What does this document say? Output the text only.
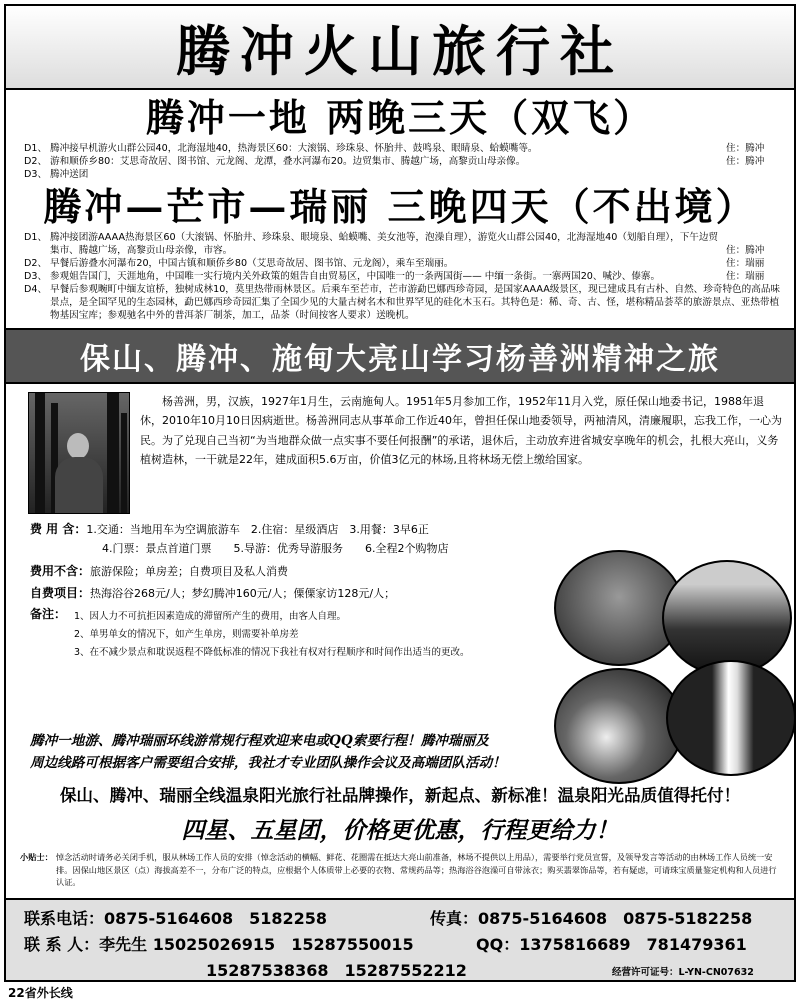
腾冲火山旅行社
腾冲一地 两晚三天（双飞）
D1、 腾冲接早机游火山群公园40，北海湿地40，热海景区60：大滚锅、珍珠泉、怀胎井、鼓鸣泉、眼睛泉、蛤蟆嘴等。	住：腾冲
D2、 游和顺侨乡80：艾思奇故居、图书馆、元龙阁、龙潭，叠水河瀑布20。边贸集市、腾越广场，高黎贡山母亲像。	住：腾冲
D3、 腾冲送团
腾冲—芒市—瑞丽 三晚四天（不出境）
D1、 腾冲接团游AAAA热海景区60（大滚锅、怀胎井、珍珠泉、眼境泉、蛤蟆嘴、美女池等，泡澡自理），游览火山群公园40，北海湿地40（划船自理），下午边贸集市、腾越广场，高黎贡山母亲像，市容。	住：腾冲
D2、 早餐后游叠水河瀑布20，中国古镇和顺侨乡80（艾思奇故居、图书馆、元龙阁），乘车至瑞丽。	住：瑞丽
D3、 参观姐告国门，天涯地角，中国唯一实行境内关外政策的姐告自由贸易区，中国唯一的一条两国街—— 中缅一条街。一寨两国20、喊沙、傣寨。	住：瑞丽
D4、 早餐后参观畹町中缅友谊桥，独树成林10，莫里热带雨林景区。后乘车至芒市，芒市游勐巴娜西珍奇园，是国家AAAA级景区，现已建成具有古朴、自然、珍奇特色的高品味景点，是全国罕见的生态园林，勐巴娜西珍奇园汇集了全国少见的大量古树名木和世界罕见的硅化木玉石。其特色是：稀、奇、古、怪，堪称精品荟萃的旅游景点、亚热带植物基因宝库；参观驰名中外的普洱茶厂制茶，加工，品茶（时间按客人要求）送晚机。
保山、腾冲、施甸大亮山学习杨善洲精神之旅
杨善洲，男，汉族，1927年1月生，云南施甸人。1951年5月参加工作，1952年11月入党，原任保山地委书记，1988年退休，2010年10月10日因病逝世。杨善洲同志从事革命工作近40年，曾担任保山地委领导，两袖清风，清廉履职，忘我工作，一心为民。为了兑现自己当初“为当地群众做一点实事不要任何报酬”的承诺，退休后，主动放弃进省城安享晚年的机会，扎根大亮山，义务植树造林，一干就是22年，建成面积5.6万亩，价值3亿元的林场,且将林场无偿上缴给国家。
费 用 含：1.交通：当地用车为空调旅游车　2.住宿：星级酒店　3.用餐：3早6正
4.门票：景点首道门票　　5.导游：优秀导游服务　　6.全程2个购物店
费用不含：旅游保险；单房差；自费项目及私人消费
自费项目：热海浴谷268元/人；梦幻腾冲160元/人；傈傈家访128元/人；
备注： 1、因人力不可抗拒因素造成的滞留所产生的费用，由客人自理。
2、单男单女的情况下，如产生单房，则需要补单房差
3、在不减少景点和耽误返程不降低标准的情况下我社有权对行程顺序和时间作出适当的更改。
腾冲一地游、腾冲瑞丽环线游常规行程欢迎来电或QQ索要行程！腾冲瑞丽及
周边线路可根据客户需要组合安排，我社才专业团队操作会议及高端团队活动！
保山、腾冲、瑞丽全线温泉阳光旅行社品牌操作，新起点、新标准！温泉阳光品质值得托付！
四星、五星团，价格更优惠，行程更给力！
小贴士： 悼念活动时请务必关闭手机，服从林场工作人员的安排（悼念活动的横幅、鲜花、花圈需在抵达大亮山前准备，林场不提供以上用品），需要举行党员宣誓，及领导发言等活动的由林场工作人员统一安排。因保山地区景区（点）海拔高差不一，分布广泛的特点，应根据个人体质带上必要的衣物、常规药品等；热海浴谷泡澡可自带泳衣；购买翡翠饰品等，若有疑虑，可请珠宝质量鉴定机构和人员进行认证。
联系电话：0875-5164608　5182258	传真：0875-5164608　0875-5182258
联 系 人：李先生 15025026915　15287550015	QQ：1375816689　781479361
15287538368　15287552212	经营许可证号：L-YN-CN07632
22省外长线
